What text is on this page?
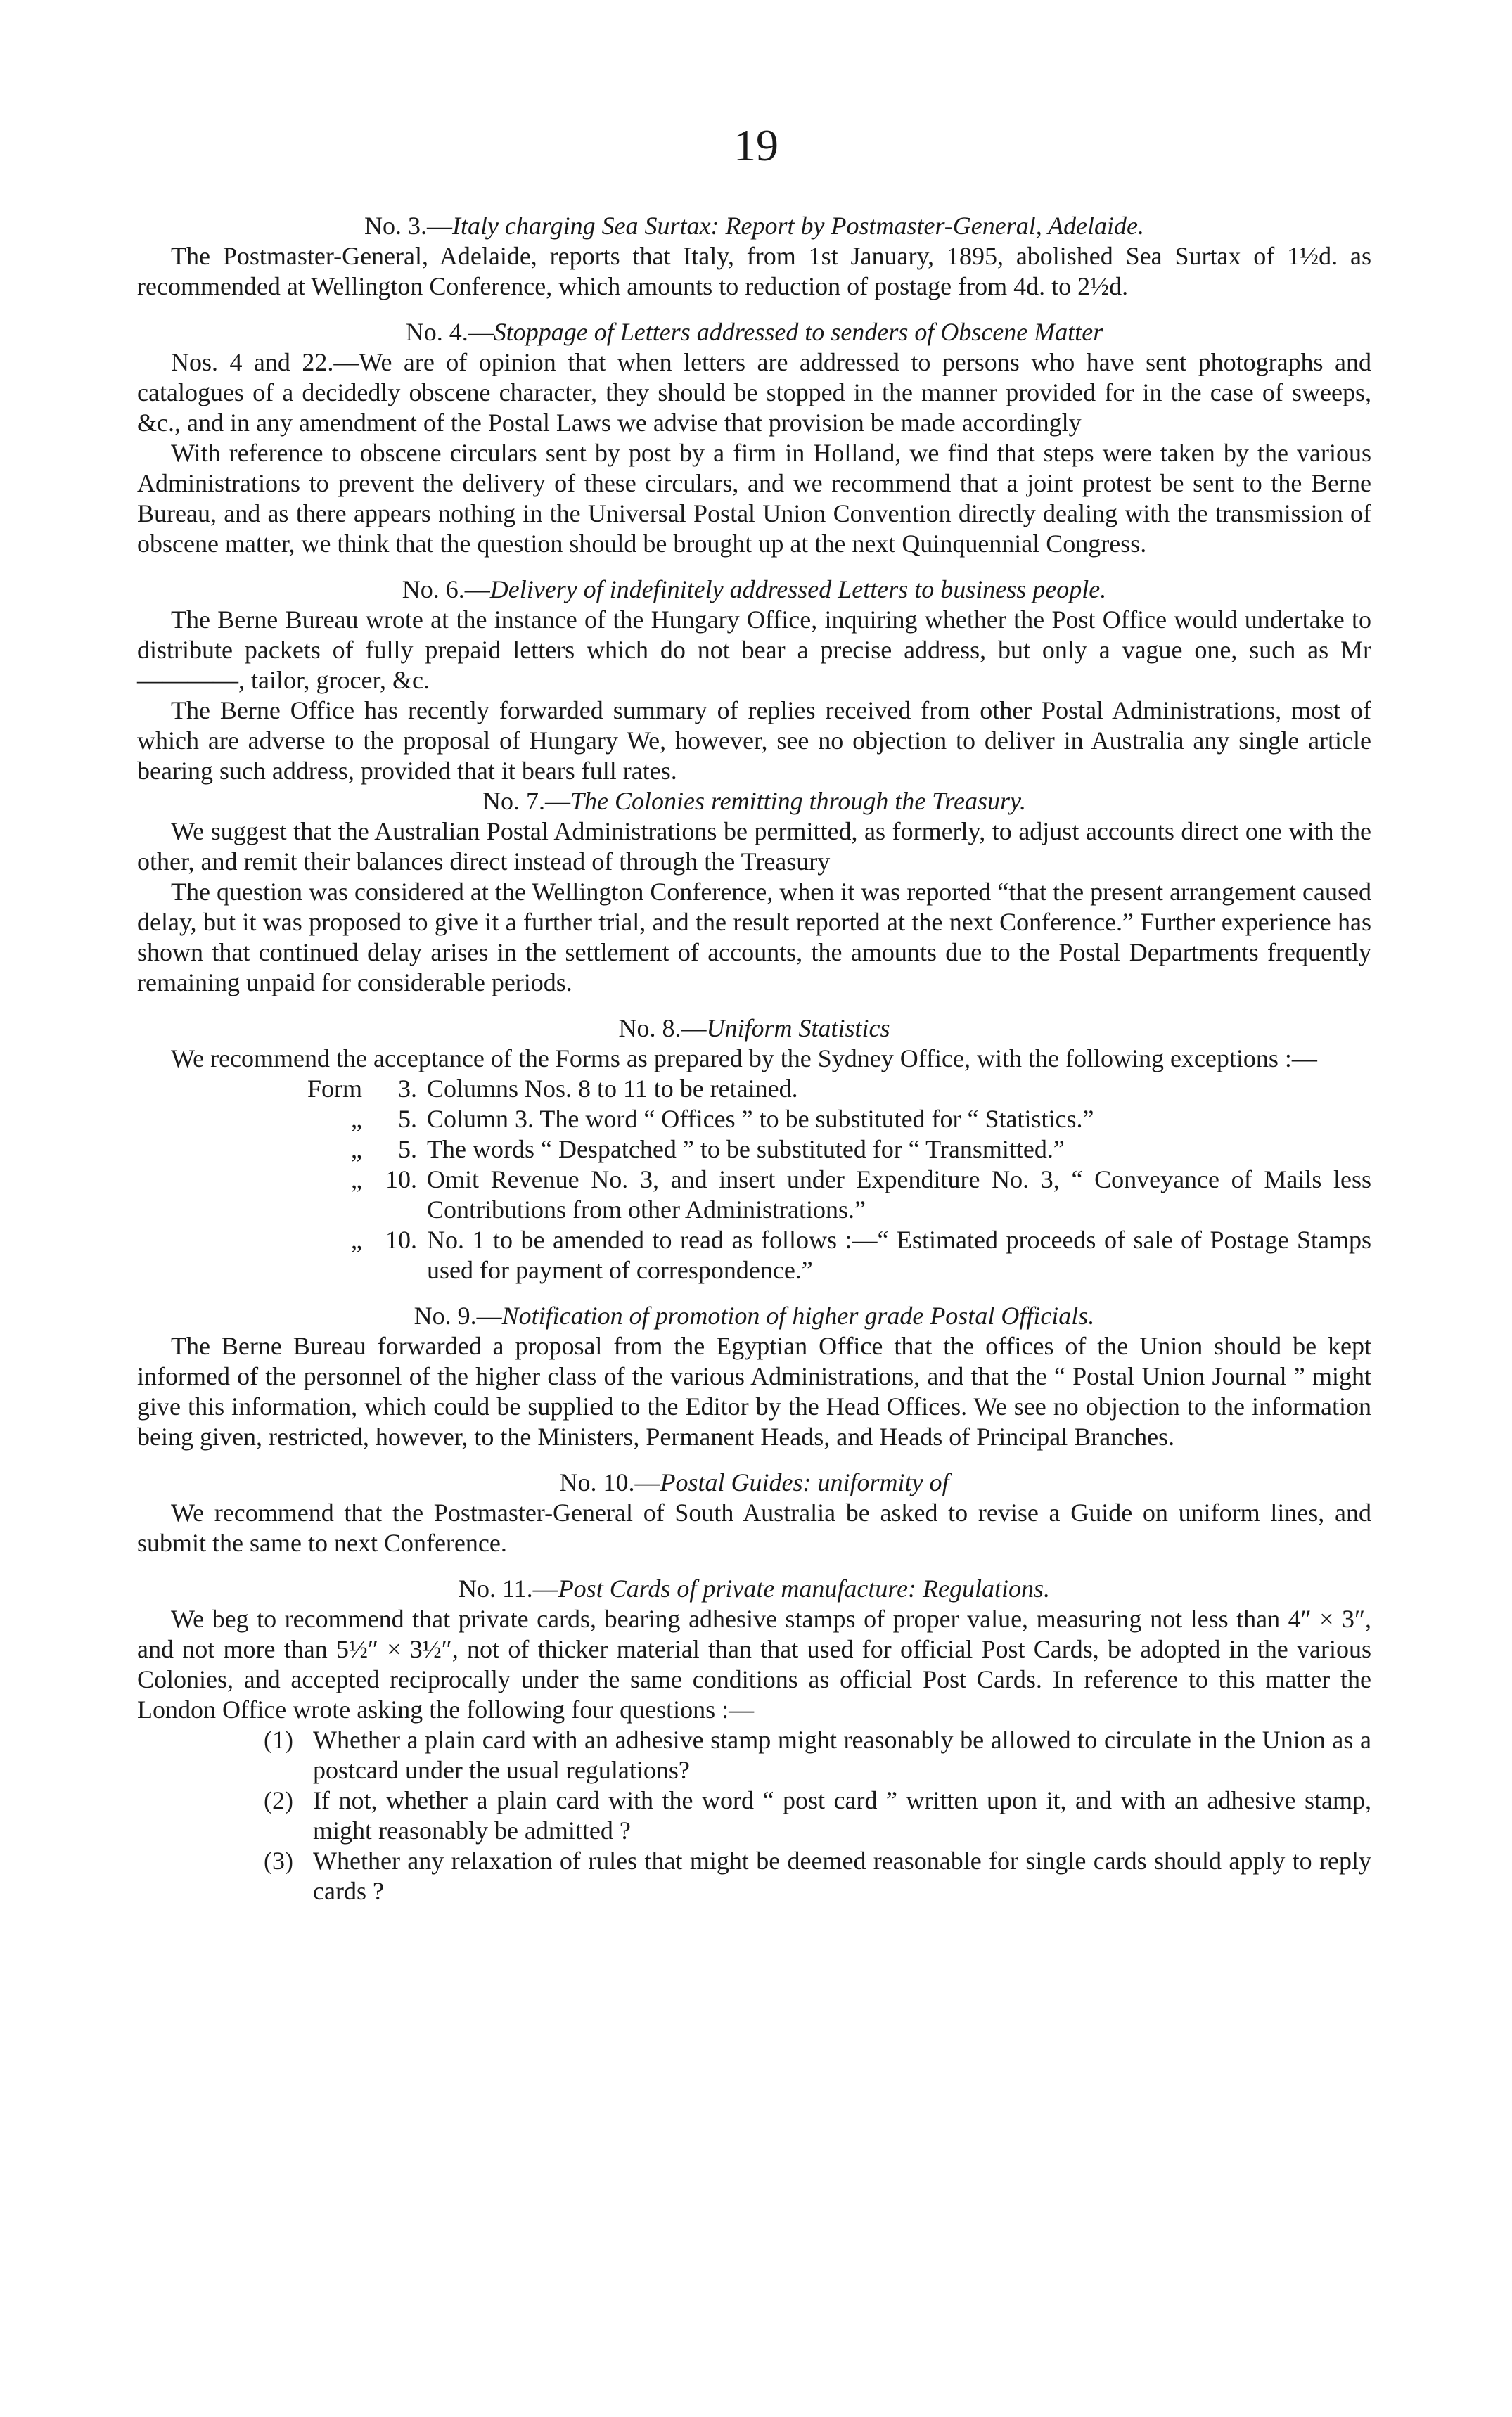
19
No. 3.—Italy charging Sea Surtax: Report by Postmaster-General, Adelaide.

The Postmaster-General, Adelaide, reports that Italy, from 1st January, 1895, abolished Sea Surtax of 1½d. as recommended at Wellington Conference, which amounts to reduction of postage from 4d. to 2½d.

No. 4.—Stoppage of Letters addressed to senders of Obscene Matter

Nos. 4 and 22.—We are of opinion that when letters are addressed to persons who have sent photographs and catalogues of a decidedly obscene character, they should be stopped in the manner provided for in the case of sweeps, &c., and in any amendment of the Postal Laws we advise that provision be made accordingly

With reference to obscene circulars sent by post by a firm in Holland, we find that steps were taken by the various Administrations to prevent the delivery of these circulars, and we recommend that a joint protest be sent to the Berne Bureau, and as there appears nothing in the Universal Postal Union Convention directly dealing with the transmission of obscene matter, we think that the question should be brought up at the next Quinquennial Congress.

No. 6.—Delivery of indefinitely addressed Letters to business people.

The Berne Bureau wrote at the instance of the Hungary Office, inquiring whether the Post Office would undertake to distribute packets of fully prepaid letters which do not bear a precise address, but only a vague one, such as Mr ————, tailor, grocer, &c.

The Berne Office has recently forwarded summary of replies received from other Postal Administrations, most of which are adverse to the proposal of Hungary We, however, see no objection to deliver in Australia any single article bearing such address, provided that it bears full rates.

No. 7.—The Colonies remitting through the Treasury.

We suggest that the Australian Postal Administrations be permitted, as formerly, to adjust accounts direct one with the other, and remit their balances direct instead of through the Treasury

The question was considered at the Wellington Conference, when it was reported “that the present arrangement caused delay, but it was proposed to give it a further trial, and the result reported at the next Conference.” Further experience has shown that continued delay arises in the settlement of accounts, the amounts due to the Postal Departments frequently remaining unpaid for considerable periods.

No. 8.—Uniform Statistics

We recommend the acceptance of the Forms as prepared by the Sydney Office, with the following exceptions :—

Form	3. Columns Nos. 8 to 11 to be retained.
„	5. Column 3. The word “ Offices ” to be substituted for “ Statistics.”
„	5. The words “ Despatched ” to be substituted for “ Transmitted.”
„ 10. Omit Revenue No. 3, and insert under Expenditure No. 3, “ Conveyance of Mails less Contributions from other Administrations.”
„ 10. No. 1 to be amended to read as follows :—“ Estimated proceeds of sale of Postage Stamps used for payment of correspondence.”
No. 9.—Notification of promotion of higher grade Postal Officials.

The Berne Bureau forwarded a proposal from the Egyptian Office that the offices of the Union should be kept informed of the personnel of the higher class of the various Administrations, and that the “ Postal Union Journal ” might give this information, which could be supplied to the Editor by the Head Offices. We see no objection to the information being given, restricted, however, to the Ministers, Permanent Heads, and Heads of Principal Branches.

No. 10.—Postal Guides: uniformity of

We recommend that the Postmaster-General of South Australia be asked to revise a Guide on uniform lines, and submit the same to next Conference.

No. 11.—Post Cards of private manufacture: Regulations.

We beg to recommend that private cards, bearing adhesive stamps of proper value, measuring not less than 4″ × 3″, and not more than 5½″ × 3½″, not of thicker material than that used for official Post Cards, be adopted in the various Colonies, and accepted reciprocally under the same conditions as official Post Cards. In reference to this matter the London Office wrote asking the following four questions :—

(1) Whether a plain card with an adhesive stamp might reasonably be allowed to circulate in the Union as a postcard under the usual regulations?
(2) If not, whether a plain card with the word “ post card ” written upon it, and with an adhesive stamp, might reasonably be admitted ?
(3) Whether any relaxation of rules that might be deemed reasonable for single cards should apply to reply cards ?
